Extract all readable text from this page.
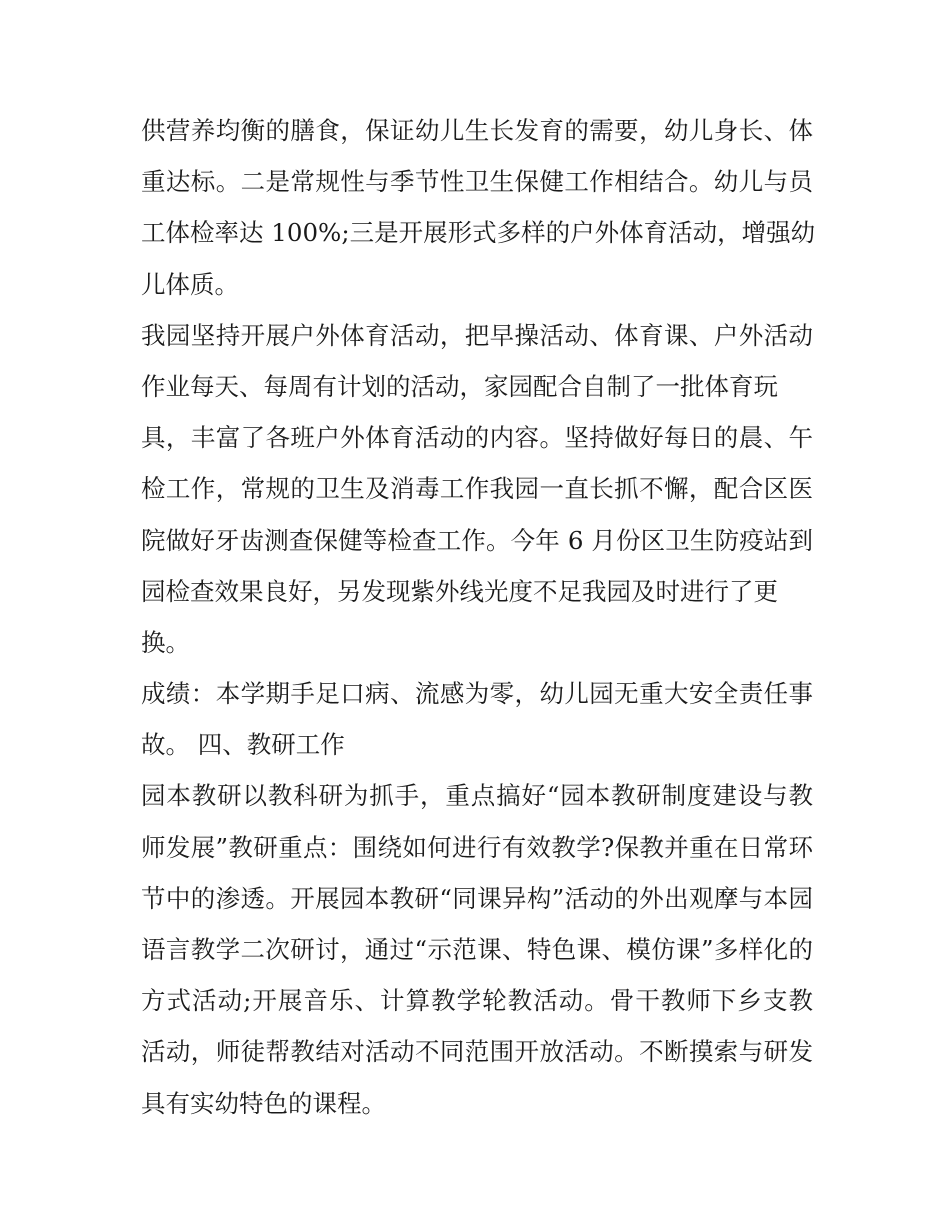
供营养均衡的膳食，保证幼儿生长发育的需要，幼儿身长、体
重达标。二是常规性与季节性卫生保健工作相结合。幼儿与员
工体检率达 100%;三是开展形式多样的户外体育活动，增强幼
儿体质。
我园坚持开展户外体育活动，把早操活动、体育课、户外活动
作业每天、每周有计划的活动，家园配合自制了一批体育玩
具，丰富了各班户外体育活动的内容。坚持做好每日的晨、午
检工作，常规的卫生及消毒工作我园一直长抓不懈，配合区医
院做好牙齿测查保健等检查工作。今年 6 月份区卫生防疫站到
园检查效果良好，另发现紫外线光度不足我园及时进行了更
换。
成绩：本学期手足口病、流感为零，幼儿园无重大安全责任事
故。 四、教研工作
园本教研以教科研为抓手，重点搞好“园本教研制度建设与教
师发展”教研重点：围绕如何进行有效教学?保教并重在日常环
节中的渗透。开展园本教研“同课异构”活动的外出观摩与本园
语言教学二次研讨，通过“示范课、特色课、模仿课”多样化的
方式活动;开展音乐、计算教学轮教活动。骨干教师下乡支教
活动，师徒帮教结对活动不同范围开放活动。不断摸索与研发
具有实幼特色的课程。
